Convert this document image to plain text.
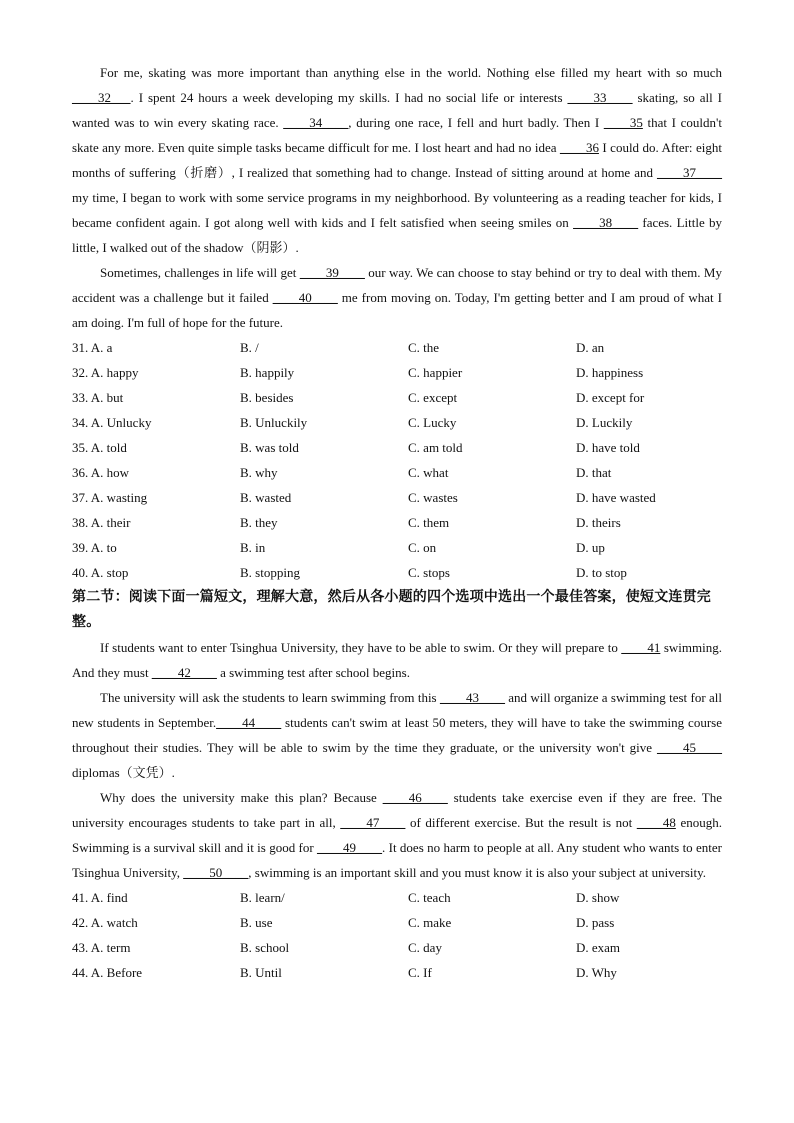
For me, skating was more important than anything else in the world. Nothing else filled my heart with so much ____32___. I spent 24 hours a week developing my skills. I had no social life or interests ____33____ skating, so all I wanted was to win every skating race. ____34____, during one race, I fell and hurt badly. Then I ____35 that I couldn't skate any more. Even quite simple tasks became difficult for me. I lost heart and had no idea ____36 I could do. After: eight months of suffering（折磨）, I realized that something had to change. Instead of sitting around at home and ____37____ my time, I began to work with some service programs in my neighborhood. By volunteering as a reading teacher for kids, I became confident again. I got along well with kids and I felt satisfied when seeing smiles on ____38____ faces. Little by little, I walked out of the shadow（阴影）.

Sometimes, challenges in life will get ____39____ our way. We can choose to stay behind or try to deal with them. My accident was a challenge but it failed ____40____ me from moving on. Today, I'm getting better and I am proud of what I am doing. I'm full of hope for the future.

31. A. a	B. /	C. the	D. an
32. A. happy	B. happily	C. happier	D. happiness
33. A. but	B. besides	C. except	D. except for
34. A. Unlucky	B. Unluckily	C. Lucky	D. Luckily
35. A. told	B. was told	C. am told	D. have told
36. A. how	B. why	C. what	D. that
37. A. wasting	B. wasted	C. wastes	D. have wasted
38. A. their	B. they	C. them	D. theirs
39. A. to	B. in	C. on	D. up
40. A. stop	B. stopping	C. stops	D. to stop

第二节：阅读下面一篇短文，理解大意，然后从各小题的四个选项中选出一个最佳答案，使短文连贯完整。

If students want to enter Tsinghua University, they have to be able to swim. Or they will prepare to ____41 swimming. And they must ____42____ a swimming test after school begins.

The university will ask the students to learn swimming from this ____43____ and will organize a swimming test for all new students in September.____44____ students can't swim at least 50 meters, they will have to take the swimming course throughout their studies. They will be able to swim by the time they graduate, or the university won't give ____45____ diplomas（文凭）.

Why does the university make this plan? Because ____46____ students take exercise even if they are free. The university encourages students to take part in all, ____47____ of different exercise. But the result is not ____48 enough. Swimming is a survival skill and it is good for ____49____. It does no harm to people at all. Any student who wants to enter Tsinghua University, ____50____, swimming is an important skill and you must know it is also your subject at university.

41. A. find	B. learn/	C. teach	D. show
42. A. watch	B. use	C. make	D. pass
43. A. term	B. school	C. day	D. exam
44. A. Before	B. Until	C. If	D. Why
